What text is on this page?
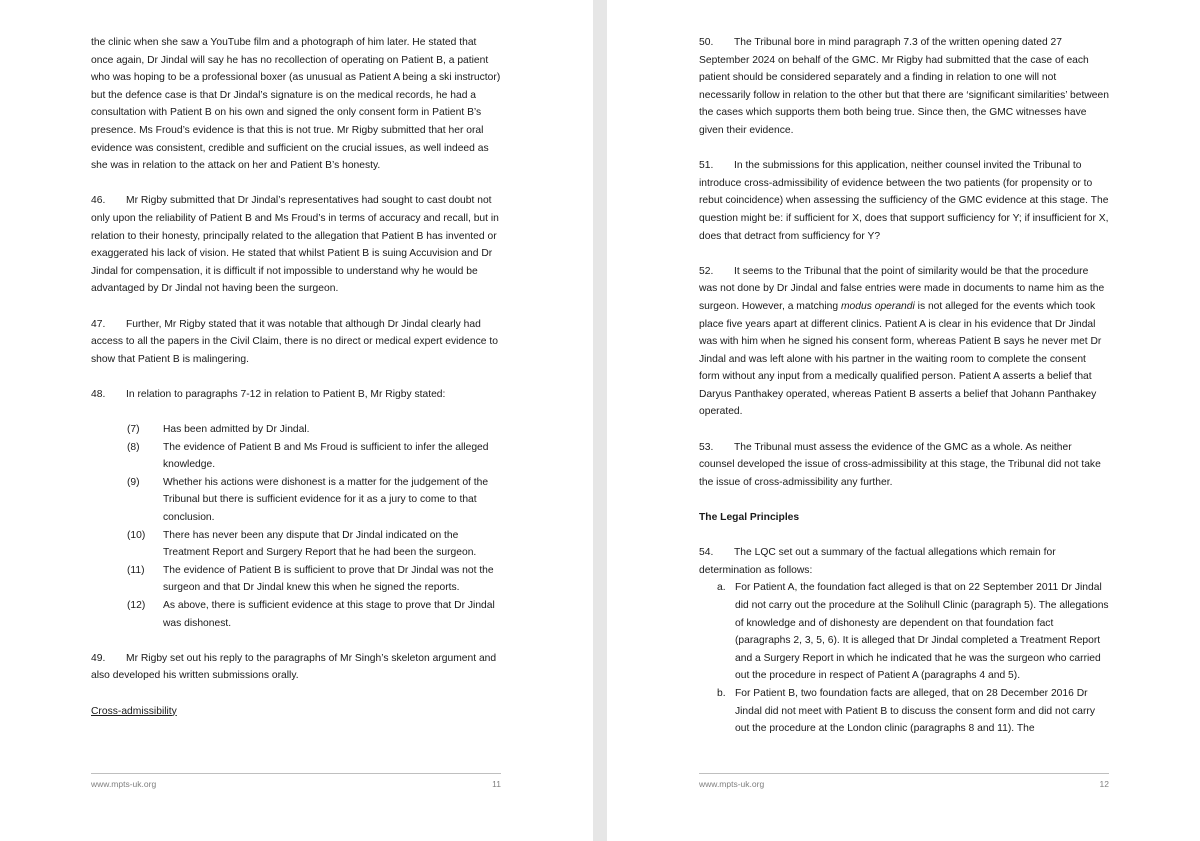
the clinic when she saw a YouTube film and a photograph of him later. He stated that once again, Dr Jindal will say he has no recollection of operating on Patient B, a patient who was hoping to be a professional boxer (as unusual as Patient A being a ski instructor) but the defence case is that Dr Jindal’s signature is on the medical records, he had a consultation with Patient B on his own and signed the only consent form in Patient B’s presence. Ms Froud’s evidence is that this is not true. Mr Rigby submitted that her oral evidence was consistent, credible and sufficient on the crucial issues, as well indeed as she was in relation to the attack on her and Patient B’s honesty.

46. Mr Rigby submitted that Dr Jindal’s representatives had sought to cast doubt not only upon the reliability of Patient B and Ms Froud’s in terms of accuracy and recall, but in relation to their honesty, principally related to the allegation that Patient B has invented or exaggerated his lack of vision. He stated that whilst Patient B is suing Accuvision and Dr Jindal for compensation, it is difficult if not impossible to understand why he would be advantaged by Dr Jindal not having been the surgeon.

47. Further, Mr Rigby stated that it was notable that although Dr Jindal clearly had access to all the papers in the Civil Claim, there is no direct or medical expert evidence to show that Patient B is malingering.

48. In relation to paragraphs 7-12 in relation to Patient B, Mr Rigby stated:

(7)	Has been admitted by Dr Jindal.
(8)	The evidence of Patient B and Ms Froud is sufficient to infer the alleged knowledge.
(9)	Whether his actions were dishonest is a matter for the judgement of the Tribunal but there is sufficient evidence for it as a jury to come to that conclusion.
(10)	There has never been any dispute that Dr Jindal indicated on the Treatment Report and Surgery Report that he had been the surgeon.
(11)	The evidence of Patient B is sufficient to prove that Dr Jindal was not the surgeon and that Dr Jindal knew this when he signed the reports.
(12)	As above, there is sufficient evidence at this stage to prove that Dr Jindal was dishonest.

49. Mr Rigby set out his reply to the paragraphs of Mr Singh’s skeleton argument and also developed his written submissions orally.

Cross-admissibility

www.mpts-uk.org	11

50. The Tribunal bore in mind paragraph 7.3 of the written opening dated 27 September 2024 on behalf of the GMC. Mr Rigby had submitted that the case of each patient should be considered separately and a finding in relation to one will not necessarily follow in relation to the other but that there are ‘significant similarities’ between the cases which supports them both being true. Since then, the GMC witnesses have given their evidence.

51. In the submissions for this application, neither counsel invited the Tribunal to introduce cross-admissibility of evidence between the two patients (for propensity or to rebut coincidence) when assessing the sufficiency of the GMC evidence at this stage. The question might be: if sufficient for X, does that support sufficiency for Y; if insufficient for X, does that detract from sufficiency for Y?

52. It seems to the Tribunal that the point of similarity would be that the procedure was not done by Dr Jindal and false entries were made in documents to name him as the surgeon. However, a matching modus operandi is not alleged for the events which took place five years apart at different clinics. Patient A is clear in his evidence that Dr Jindal was with him when he signed his consent form, whereas Patient B says he never met Dr Jindal and was left alone with his partner in the waiting room to complete the consent form without any input from a medically qualified person. Patient A asserts a belief that Daryus Panthakey operated, whereas Patient B asserts a belief that Johann Panthakey operated.

53. The Tribunal must assess the evidence of the GMC as a whole. As neither counsel developed the issue of cross-admissibility at this stage, the Tribunal did not take the issue of cross-admissibility any further.

The Legal Principles

54. The LQC set out a summary of the factual allegations which remain for determination as follows:

a. For Patient A, the foundation fact alleged is that on 22 September 2011 Dr Jindal did not carry out the procedure at the Solihull Clinic (paragraph 5). The allegations of knowledge and of dishonesty are dependent on that foundation fact (paragraphs 2, 3, 5, 6). It is alleged that Dr Jindal completed a Treatment Report and a Surgery Report in which he indicated that he was the surgeon who carried out the procedure in respect of Patient A (paragraphs 4 and 5).
b. For Patient B, two foundation facts are alleged, that on 28 December 2016 Dr Jindal did not meet with Patient B to discuss the consent form and did not carry out the procedure at the London clinic (paragraphs 8 and 11). The
www.mpts-uk.org	12
